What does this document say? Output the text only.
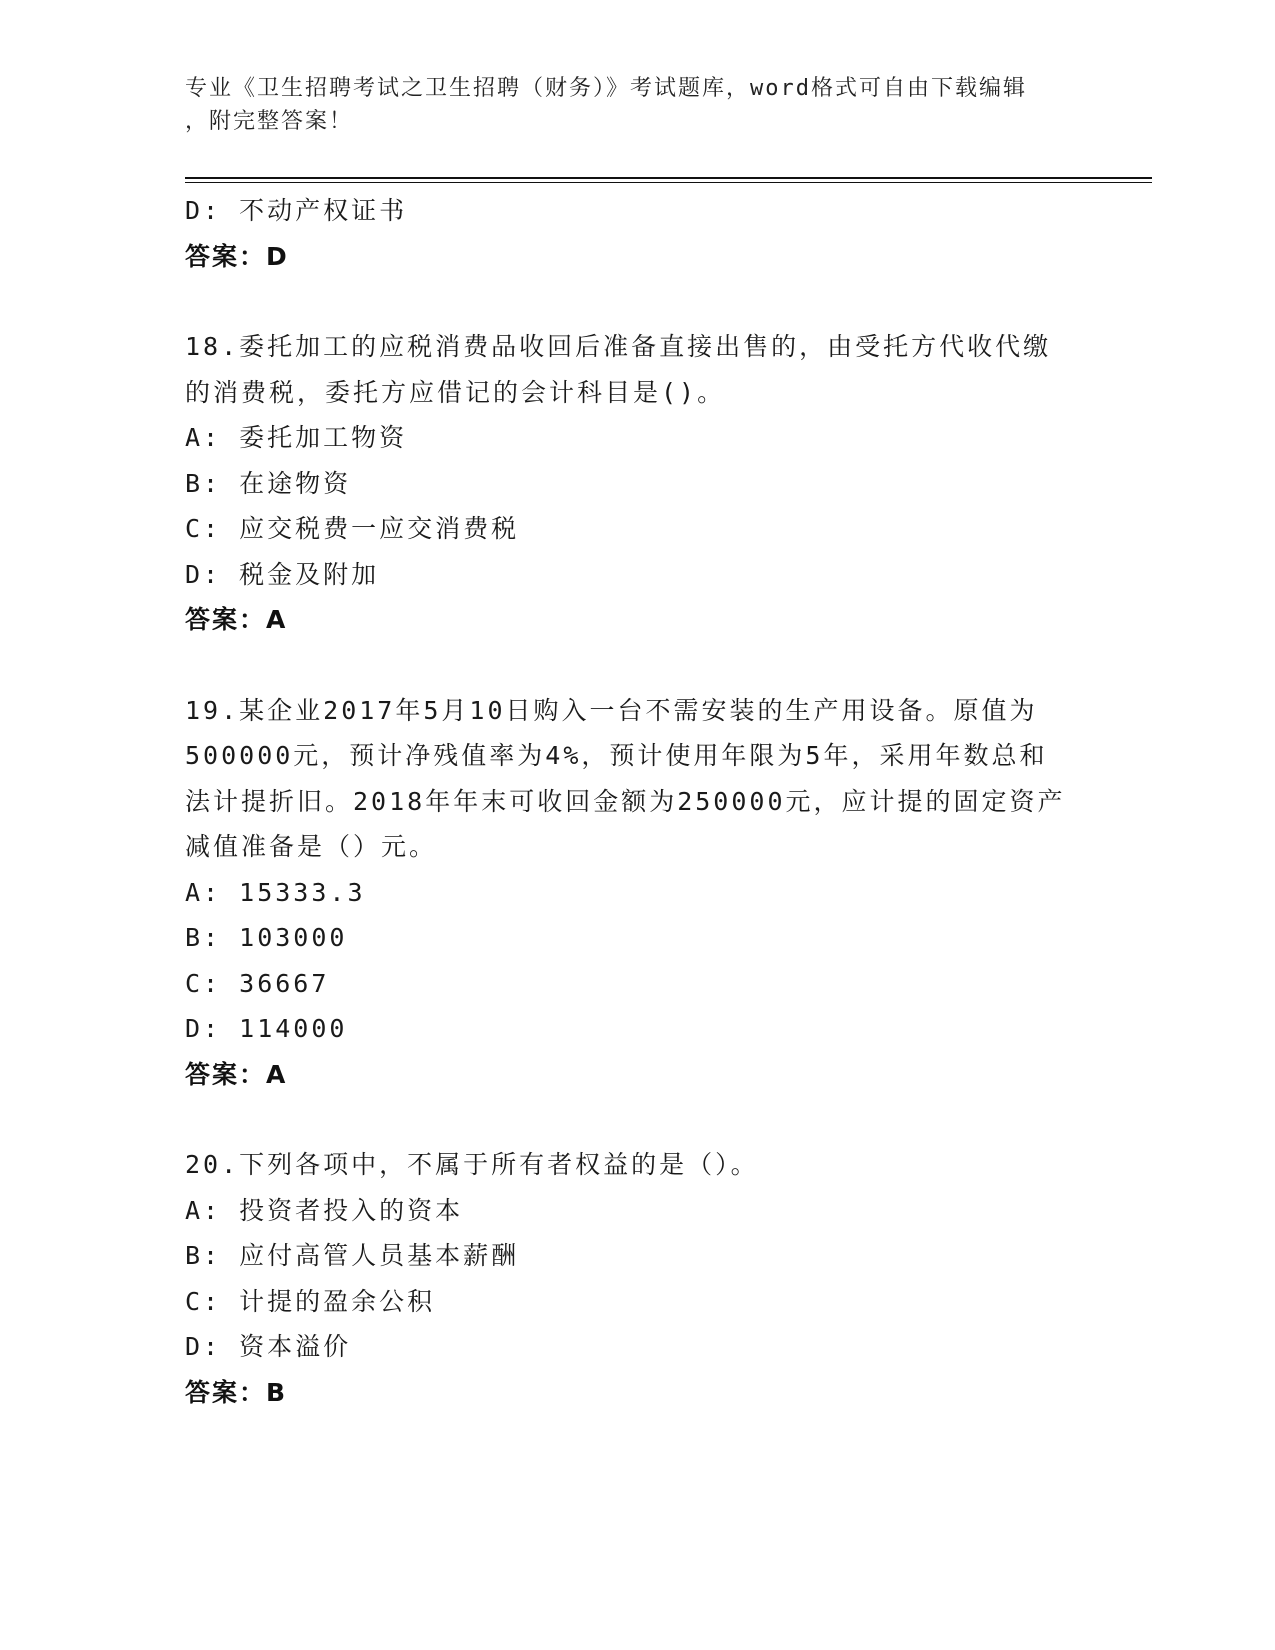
专业《卫生招聘考试之卫生招聘（财务）》考试题库，word格式可自由下载编辑
，附完整答案！
D: 不动产权证书
答案：D
18.委托加工的应税消费品收回后准备直接出售的，由受托方代收代缴
的消费税，委托方应借记的会计科目是()。
A: 委托加工物资
B: 在途物资
C: 应交税费一应交消费税
D: 税金及附加
答案：A
19.某企业2017年5月10日购入一台不需安装的生产用设备。原值为
500000元，预计净残值率为4%，预计使用年限为5年，采用年数总和
法计提折旧。2018年年末可收回金额为250000元，应计提的固定资产
减值准备是（）元。
A: 15333.3
B: 103000
C: 36667
D: 114000
答案：A
20.下列各项中，不属于所有者权益的是（）。
A: 投资者投入的资本
B: 应付高管人员基本薪酬
C: 计提的盈余公积
D: 资本溢价
答案：B
